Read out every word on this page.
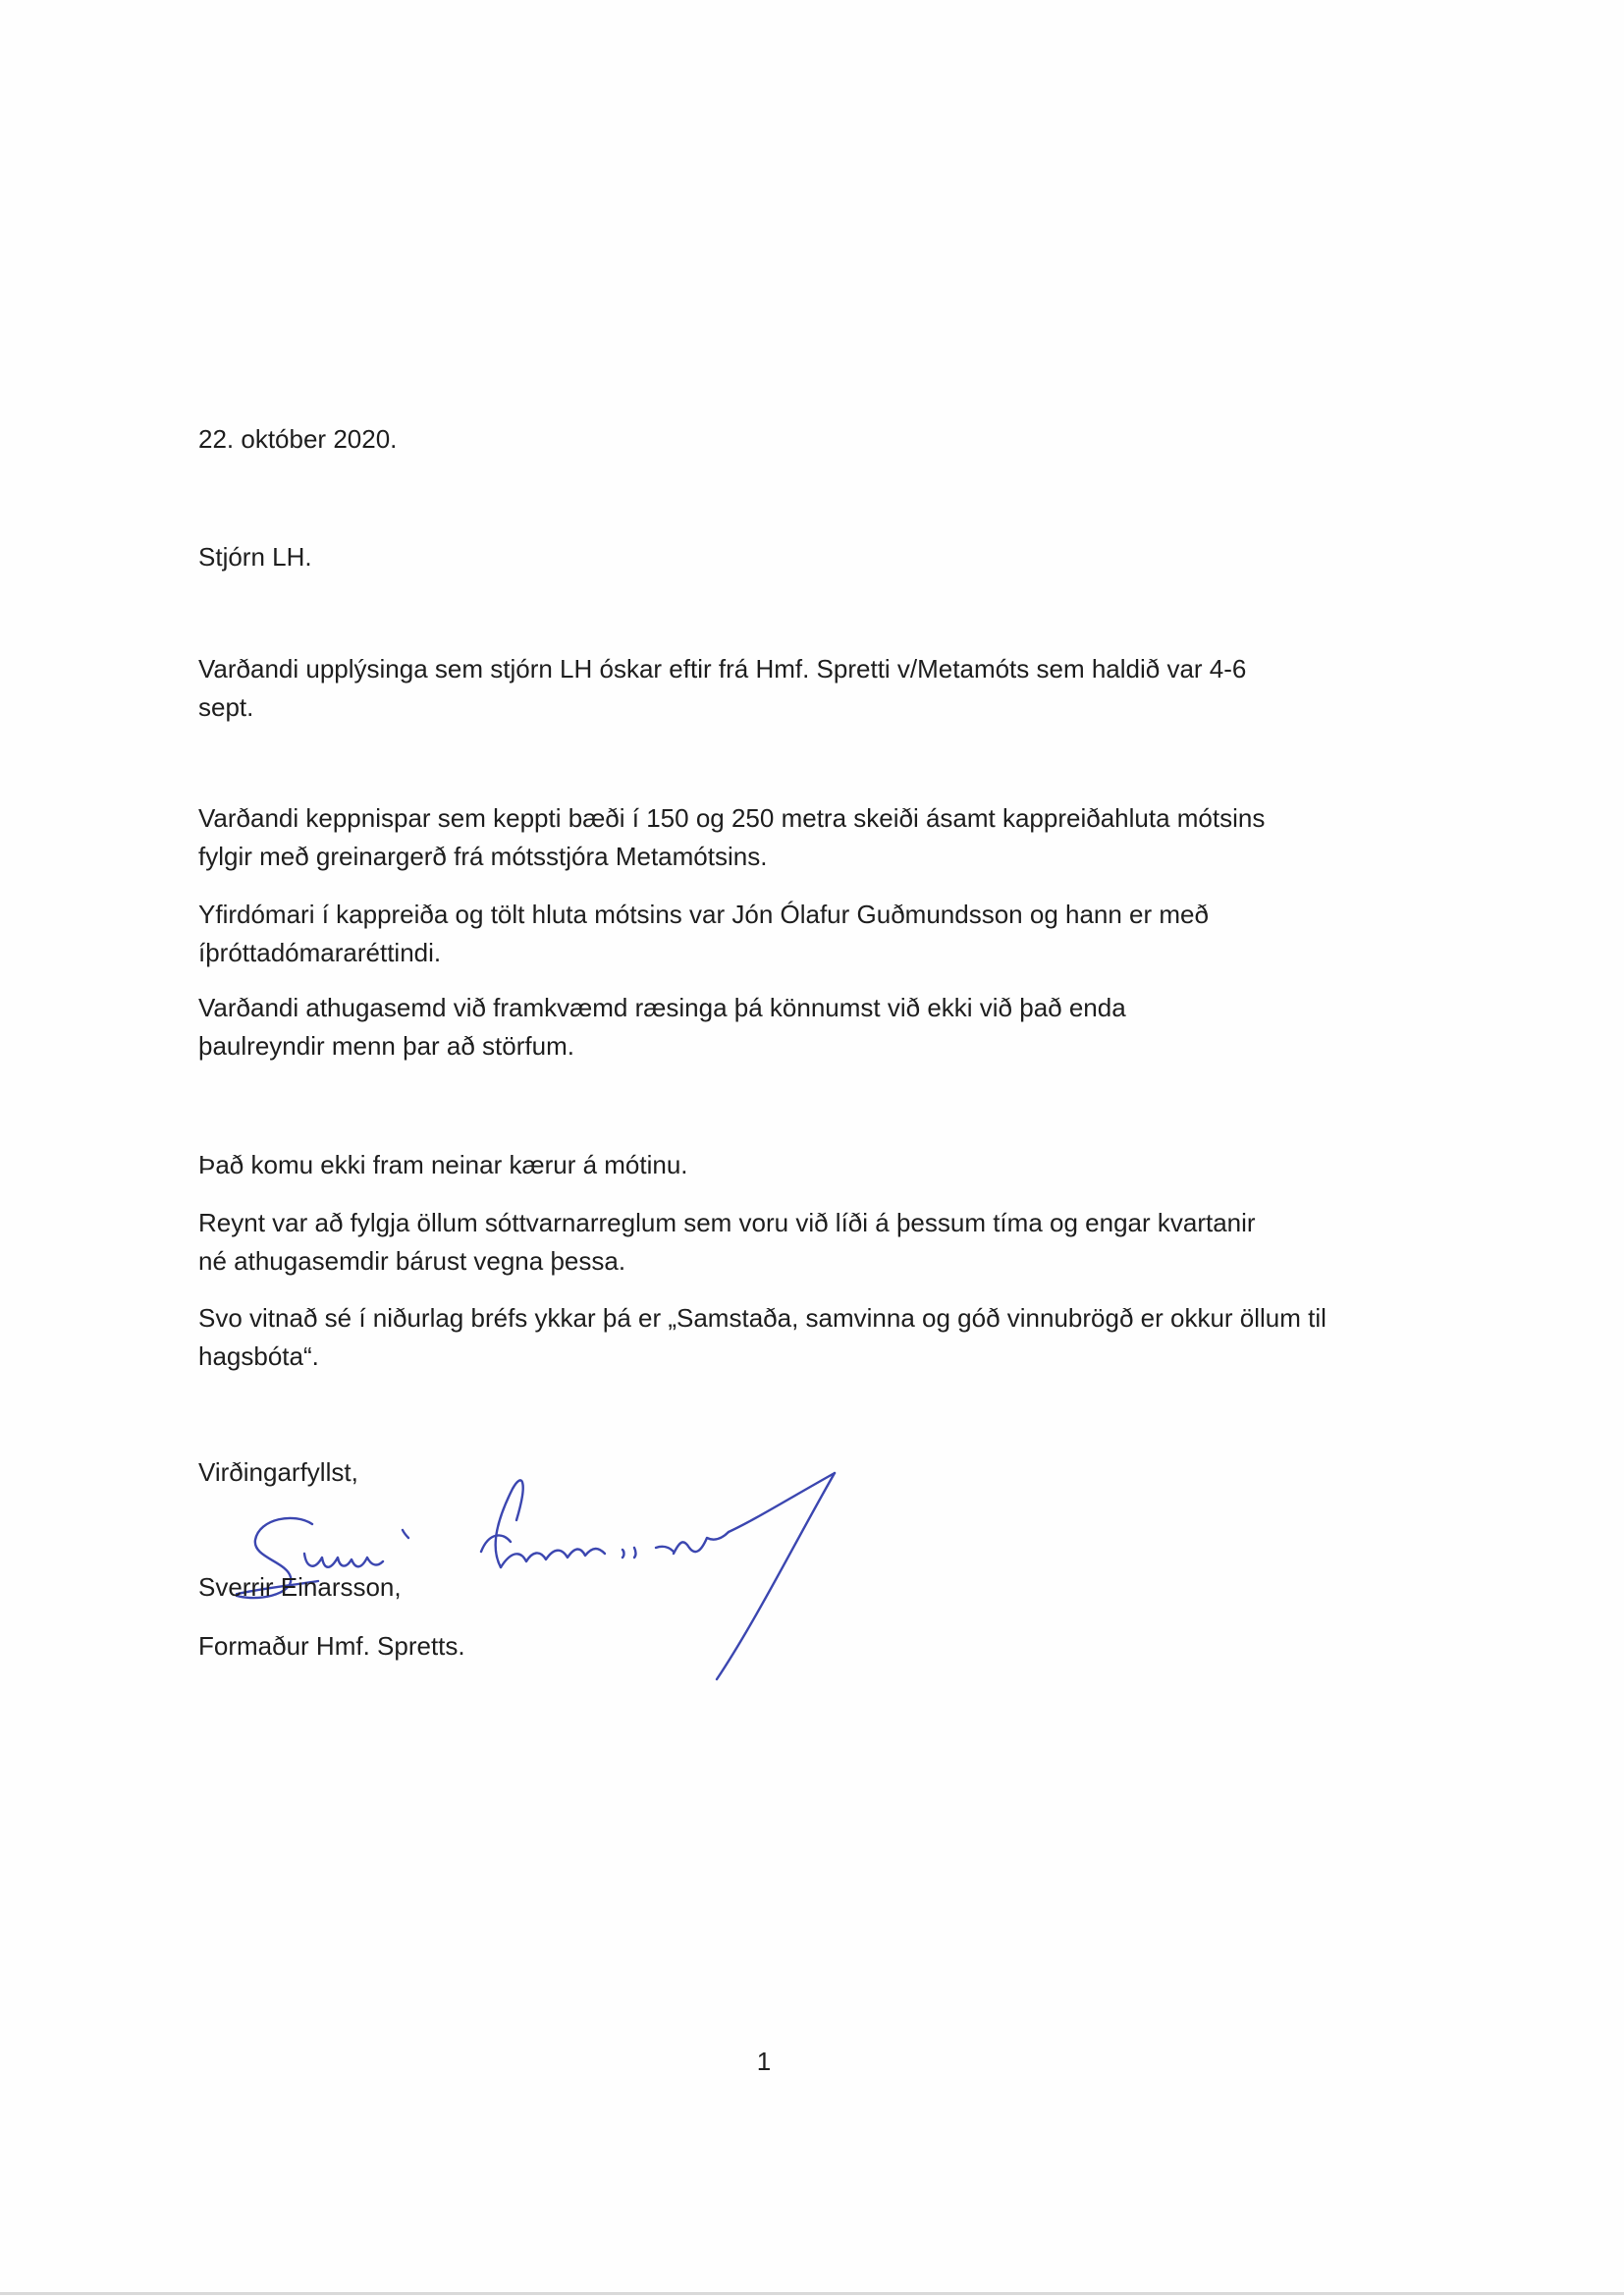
22. október 2020.

Stjórn LH.

Varðandi upplýsinga sem stjórn LH óskar eftir frá Hmf. Spretti v/Metamóts sem haldið var 4-6 sept.

Varðandi keppnispar sem keppti bæði í 150 og 250 metra skeiði ásamt kappreiðahluta mótsins fylgir með greinargerð frá mótsstjóra Metamótsins.

Yfirdómari í kappreiða og tölt hluta mótsins var Jón Ólafur Guðmundsson og hann er með íþróttadómararéttindi.

Varðandi athugasemd við framkvæmd ræsinga þá könnumst við ekki við það enda þaulreyndir menn þar að störfum.

Það komu ekki fram neinar kærur á mótinu.

Reynt var að fylgja öllum sóttvarnarreglum sem voru við líði á þessum tíma og engar kvartanir né athugasemdir bárust vegna þessa.

Svo vitnað sé í niðurlag bréfs ykkar þá er „Samstaða, samvinna og góð vinnubrögð er okkur öllum til hagsbóta“.

Virðingarfyllst,

Sverrir Einarsson,

Formaður Hmf. Spretts.

1
